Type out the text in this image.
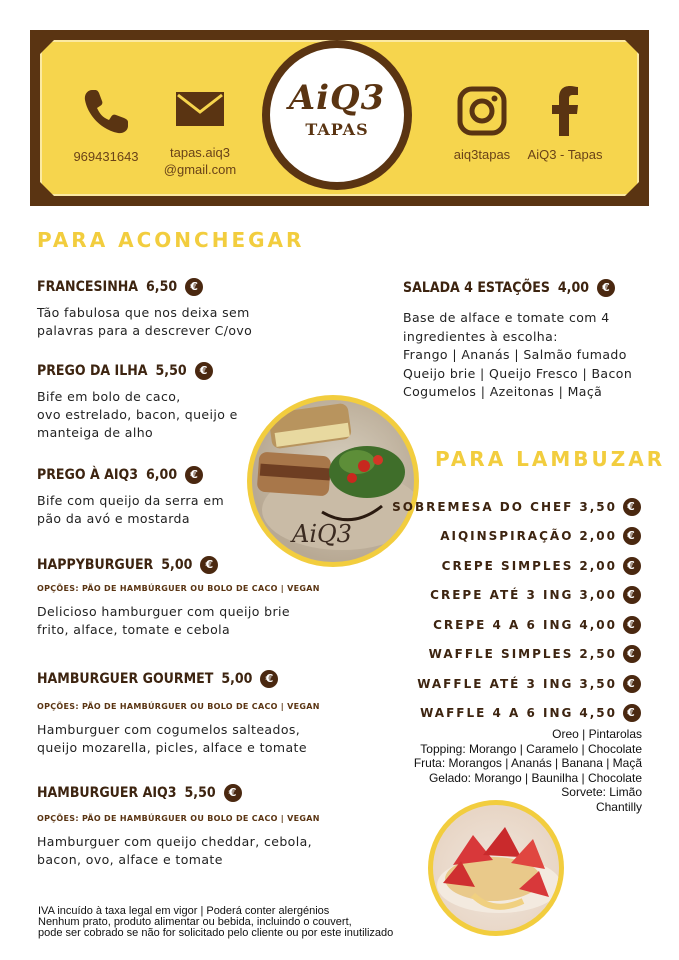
969431643	tapas.aiq3
@gmail.com
AiQ3
TAPAS
aiq3tapas	AiQ3 - Tapas
PARA ACONCHEGAR
FRANCESINHA 6,50	€
Tão fabulosa que nos deixa sem
palavras para a descrever C/ovo
PREGO DA ILHA 5,50	€
Bife em bolo de caco,
ovo estrelado, bacon, queijo e
manteiga de alho
PREGO À AIQ3 6,00	€
Bife com queijo da serra em
pão da avó e mostarda
HAPPYBURGUER 5,00	€
OPÇÕES: PÃO DE HAMBÚRGUER OU BOLO DE CACO | VEGAN
Delicioso hamburguer com queijo brie
frito, alface, tomate e cebola
HAMBURGUER GOURMET 5,00	€
OPÇÕES: PÃO DE HAMBÚRGUER OU BOLO DE CACO | VEGAN
Hamburguer com cogumelos salteados,
queijo mozarella, picles, alface e tomate
HAMBURGUER AIQ3 5,50	€
OPÇÕES: PÃO DE HAMBÚRGUER OU BOLO DE CACO | VEGAN
Hamburguer com queijo cheddar, cebola,
bacon, ovo, alface e tomate
SALADA 4 ESTAÇÕES 4,00	€
Base de alface e tomate com 4
ingredientes à escolha:
Frango | Ananás | Salmão fumado
Queijo brie | Queijo Fresco | Bacon
Cogumelos | Azeitonas | Maçã
AiQ3
PARA LAMBUZAR
SOBREMESA DO CHEF 3,50 €
AIQINSPIRAÇÃO 2,00 €
CREPE SIMPLES 2,00 €
CREPE ATÉ 3 ING 3,00 €
CREPE 4 A 6 ING 4,00 €
WAFFLE SIMPLES 2,50 €
WAFFLE ATÉ 3 ING 3,50 €
WAFFLE 4 A 6 ING 4,50 €
Oreo | Pintarolas
Topping: Morango | Caramelo | Chocolate
Fruta: Morangos | Ananás | Banana | Maçã
Gelado: Morango | Baunilha | Chocolate
Sorvete: Limão
Chantilly
IVA incuído à taxa legal em vigor | Poderá conter alergénios
Nenhum prato, produto alimentar ou bebida, incluindo o couvert,
pode ser cobrado se não for solicitado pelo cliente ou por este inutilizado
